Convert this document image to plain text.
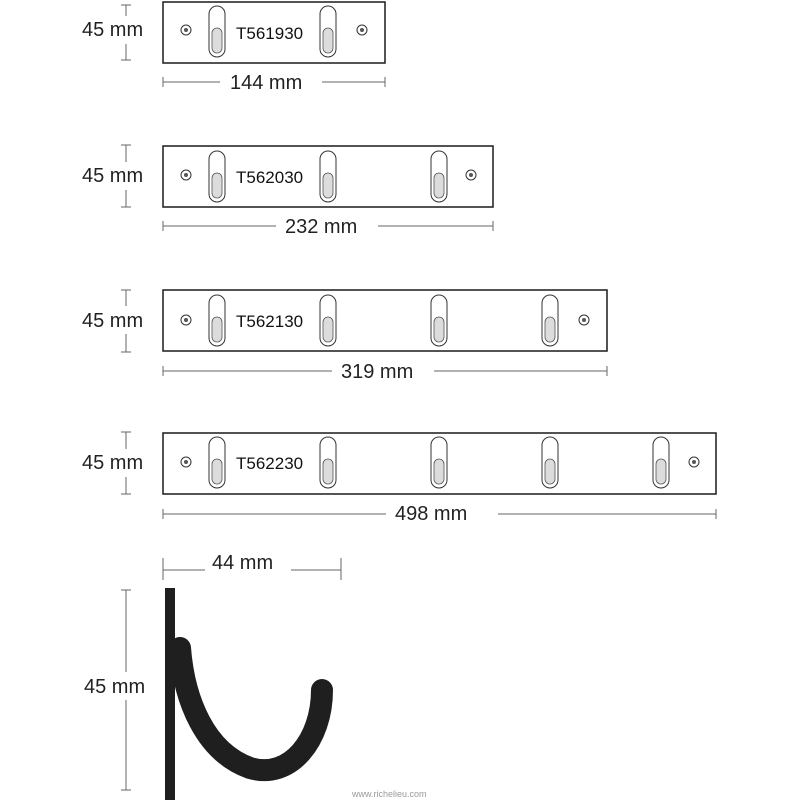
45 mm	T561930
144 mm
45 mm	T562030
232 mm
45 mm	T562130
319 mm
45 mm	T562230
498 mm
44 mm
45 mm
www.richelieu.com
